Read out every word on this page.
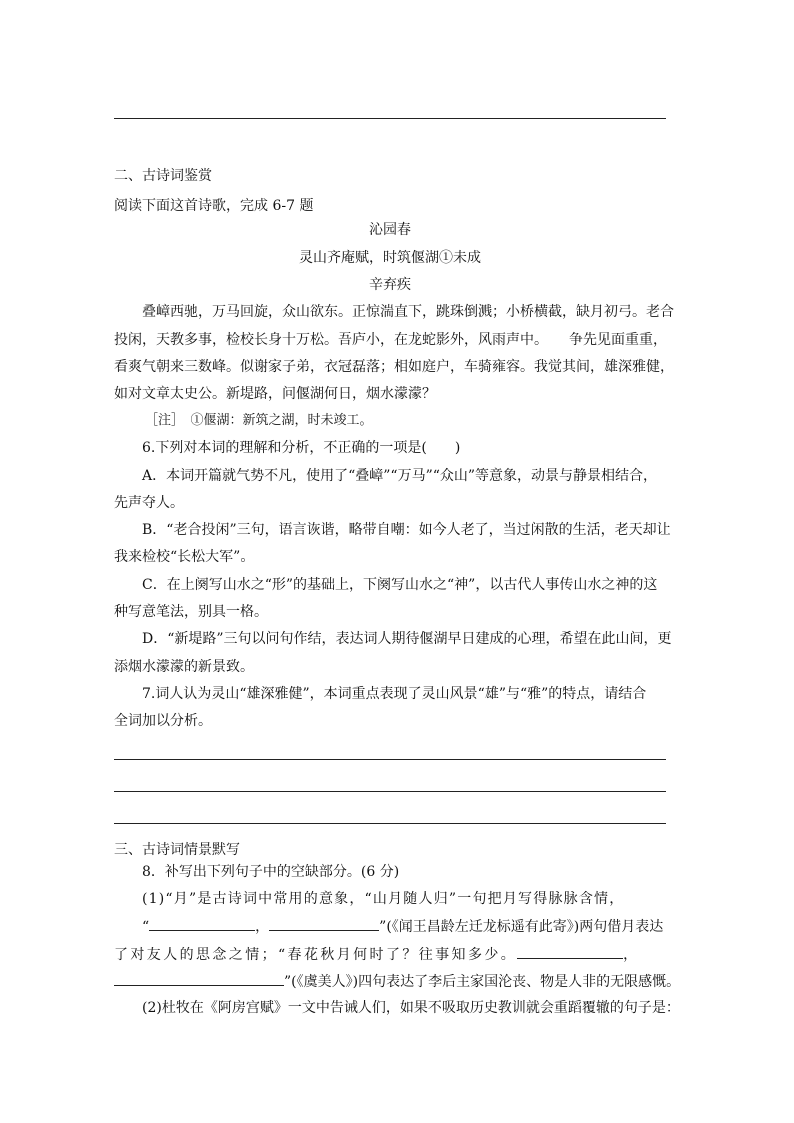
二、古诗词鉴赏
阅读下面这首诗歌，完成 6-7 题
沁园春
灵山齐庵赋，时筑偃湖①未成
辛弃疾
叠嶂西驰，万马回旋，众山欲东。正惊湍直下，跳珠倒溅；小桥横截，缺月初弓。老合
投闲，天教多事，检校长身十万松。吾庐小，在龙蛇影外，风雨声中。　　争先见面重重，
看爽气朝来三数峰。似谢家子弟，衣冠磊落；相如庭户，车骑雍容。我觉其间，雄深雅健，
如对文章太史公。新堤路，问偃湖何日，烟水濛濛？
［注］　①偃湖：新筑之湖，时未竣工。
6.下列对本词的理解和分析，不正确的一项是(　　)
A．本词开篇就气势不凡，使用了“叠嶂”“万马”“众山”等意象，动景与静景相结合，
先声夺人。
B．“老合投闲”三句，语言诙谐，略带自嘲：如今人老了，当过闲散的生活，老天却让
我来检校“长松大军”。
C．在上阕写山水之“形”的基础上，下阕写山水之“神”，以古代人事传山水之神的这
种写意笔法，别具一格。
D．“新堤路”三句以问句作结，表达词人期待偃湖早日建成的心理，希望在此山间，更
添烟水濛濛的新景致。
7.词人认为灵山“雄深雅健”，本词重点表现了灵山风景“雄”与“雅”的特点，请结合
全词加以分析。
三、古诗词情景默写
8．补写出下列句子中的空缺部分。(6 分)
(1)“月”是古诗词中常用的意象，“山月随人归”一句把月写得脉脉含情，
“	，	”(《闻王昌龄左迁龙标遥有此寄》)两句借月表达
了对友人的思念之情；“春花秋月何时了？往事知多少。	，
”(《虞美人》)四句表达了李后主家国沦丧、物是人非的无限感慨。
(2)杜牧在《阿房宫赋》一文中告诫人们，如果不吸取历史教训就会重蹈覆辙的句子是：
